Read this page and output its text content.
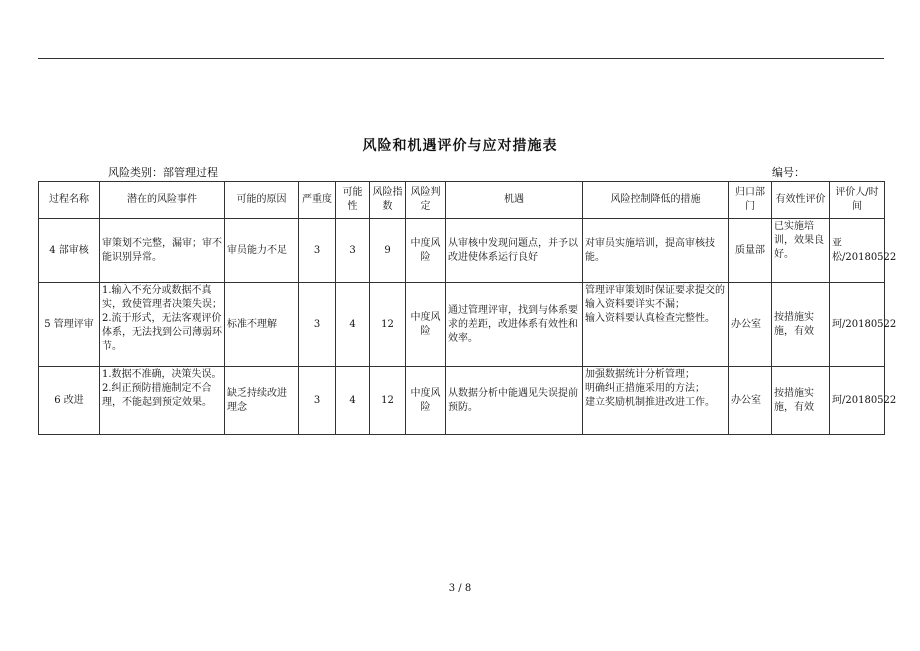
风险和机遇评价与应对措施表
风险类别：部管理过程	编号：
过程名称	潜在的风险事件	可能的原因	严重度	可能性	风险指数	风险判定	机遇	风险控制降低的措施	归口部门	有效性评价	评价人/时间
4 部审核	审策划不完整，漏审；审不能识别异常。	审员能力不足	3	3	9	中度风险	从审核中发现问题点，并予以改进使体系运行良好	对审员实施培训，提高审核技能。	质量部	已实施培训，效果良好。	亚松/20180522
5 管理评审	1.输入不充分或数据不真实，致使管理者决策失误；2.流于形式，无法客观评价体系，无法找到公司薄弱环节。	标准不理解	3	4	12	中度风险	通过管理评审，找到与体系要求的差距，改进体系有效性和效率。	管理评审策划时保证要求提交的输入资料要详实不漏；
输入资料要认真检查完整性。	办公室	按措施实施，有效	珂/20180522
6 改进	1.数据不准确，决策失误。2.纠正预防措施制定不合理，不能起到预定效果。	缺乏持续改进理念	3	4	12	中度风险	从数据分析中能遇见失误提前预防。	加强数据统计分析管理；
明确纠正措施采用的方法；
建立奖励机制推进改进工作。	办公室	按措施实施，有效	珂/20180522
3 / 8
